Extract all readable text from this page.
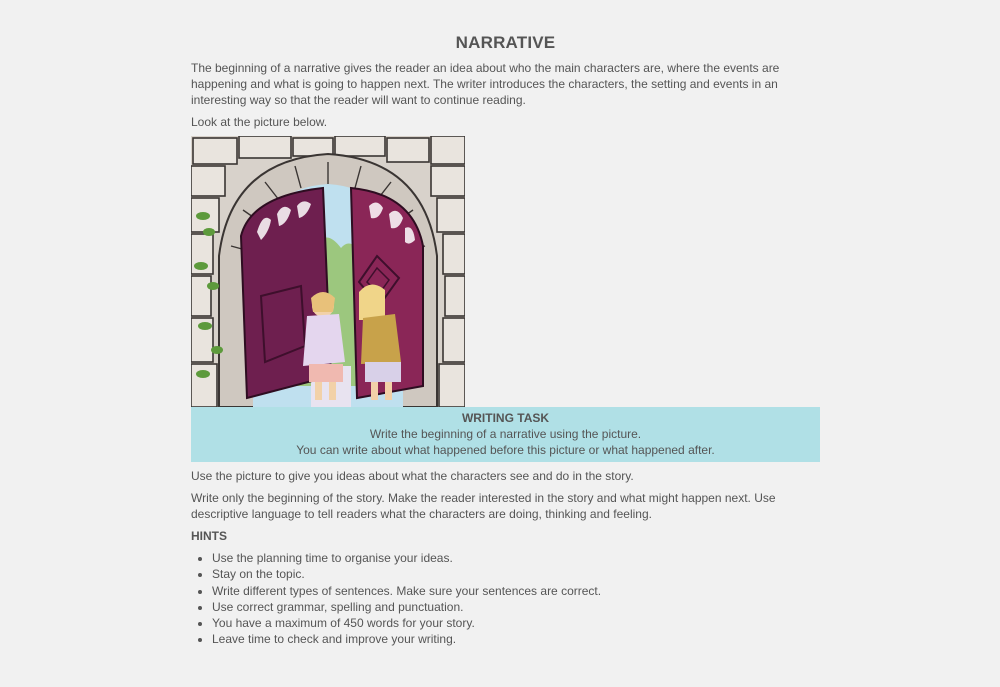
NARRATIVE

The beginning of a narrative gives the reader an idea about who the main characters are, where the events are happening and what is going to happen next. The writer introduces the characters, the setting and events in an interesting way so that the reader will want to continue reading.

Look at the picture below.

WRITING TASK
Write the beginning of a narrative using the picture.
You can write about what happened before this picture or what happened after.

Use the picture to give you ideas about what the characters see and do in the story.

Write only the beginning of the story. Make the reader interested in the story and what might happen next. Use descriptive language to tell readers what the characters are doing, thinking and feeling.

HINTS
• Use the planning time to organise your ideas.
• Stay on the topic.
• Write different types of sentences. Make sure your sentences are correct.
• Use correct grammar, spelling and punctuation.
• You have a maximum of 450 words for your story.
• Leave time to check and improve your writing.
